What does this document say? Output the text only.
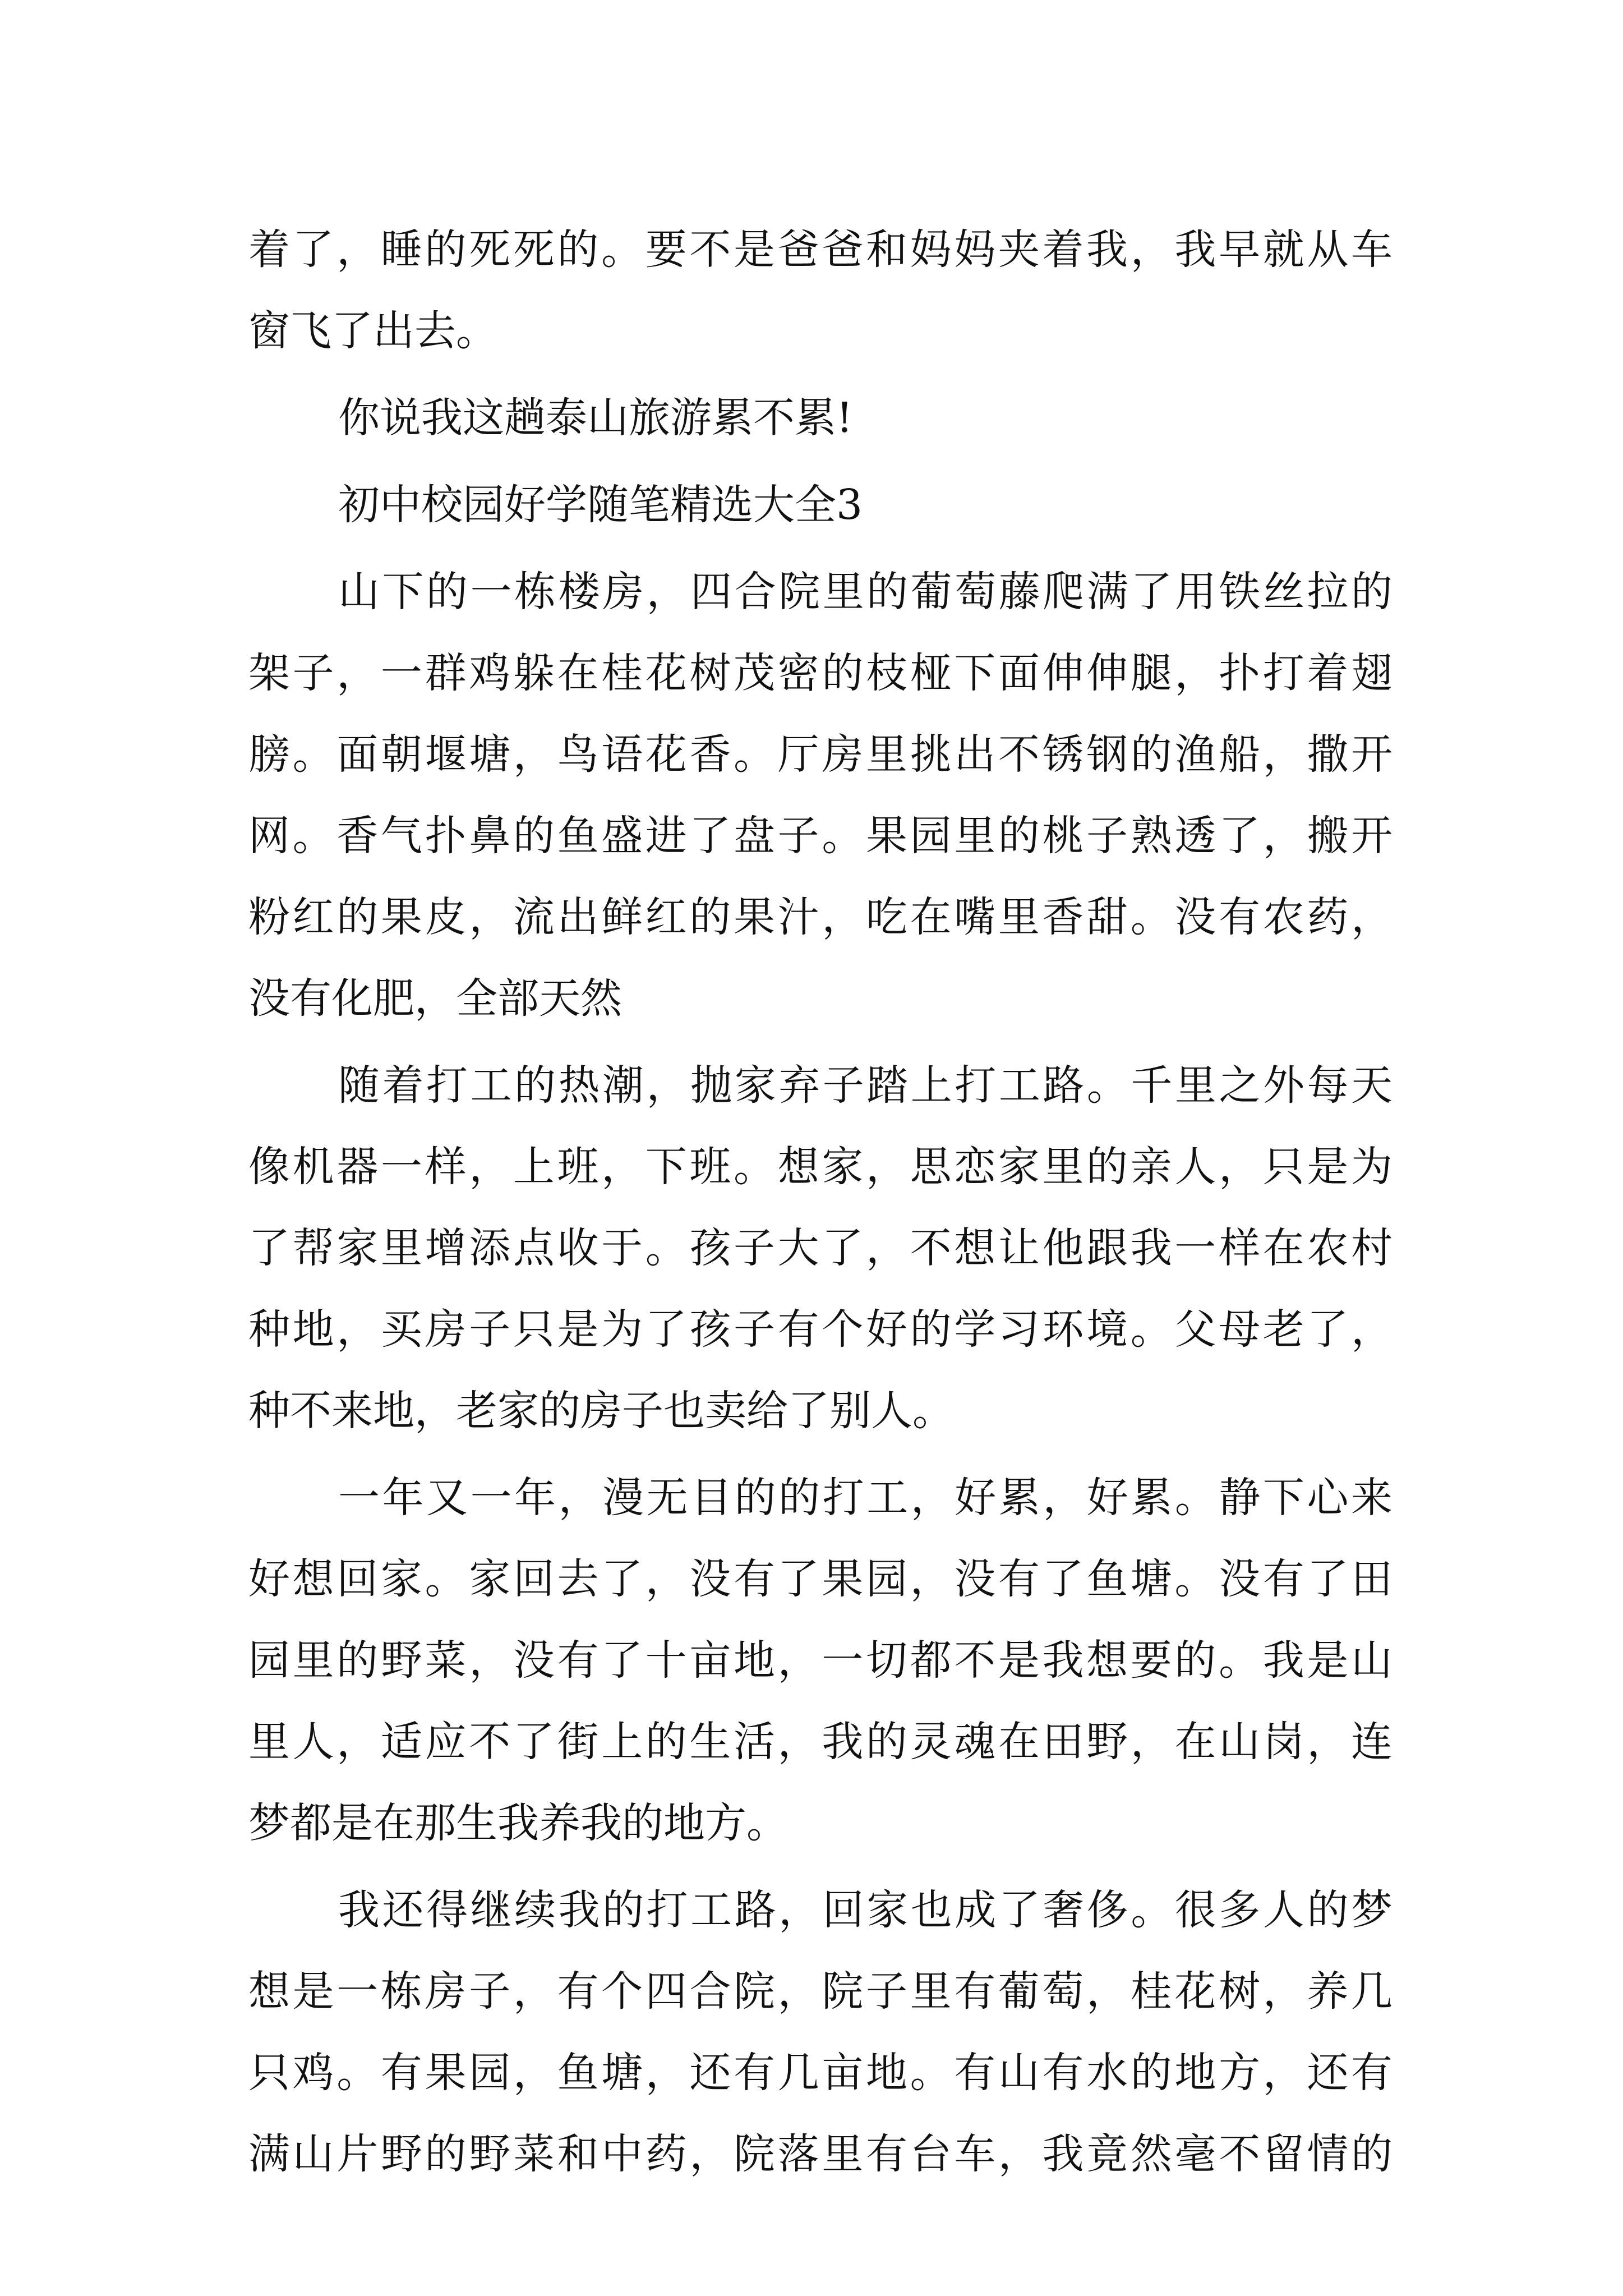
着了，睡的死死的。要不是爸爸和妈妈夹着我，我早就从车
窗飞了出去。
你说我这趟泰山旅游累不累!
初中校园好学随笔精选大全3
山下的一栋楼房，四合院里的葡萄藤爬满了用铁丝拉的
架子，一群鸡躲在桂花树茂密的枝桠下面伸伸腿，扑打着翅
膀。面朝堰塘，鸟语花香。厅房里挑出不锈钢的渔船，撒开
网。香气扑鼻的鱼盛进了盘子。果园里的桃子熟透了，搬开
粉红的果皮，流出鲜红的果汁，吃在嘴里香甜。没有农药，
没有化肥，全部天然
随着打工的热潮，抛家弃子踏上打工路。千里之外每天
像机器一样，上班，下班。想家，思恋家里的亲人，只是为
了帮家里增添点收于。孩子大了，不想让他跟我一样在农村
种地，买房子只是为了孩子有个好的学习环境。父母老了，
种不来地，老家的房子也卖给了别人。
一年又一年，漫无目的的打工，好累，好累。静下心来
好想回家。家回去了，没有了果园，没有了鱼塘。没有了田
园里的野菜，没有了十亩地，一切都不是我想要的。我是山
里人，适应不了街上的生活，我的灵魂在田野，在山岗，连
梦都是在那生我养我的地方。
我还得继续我的打工路，回家也成了奢侈。很多人的梦
想是一栋房子，有个四合院，院子里有葡萄，桂花树，养几
只鸡。有果园，鱼塘，还有几亩地。有山有水的地方，还有
满山片野的野菜和中药，院落里有台车，我竟然毫不留情的
